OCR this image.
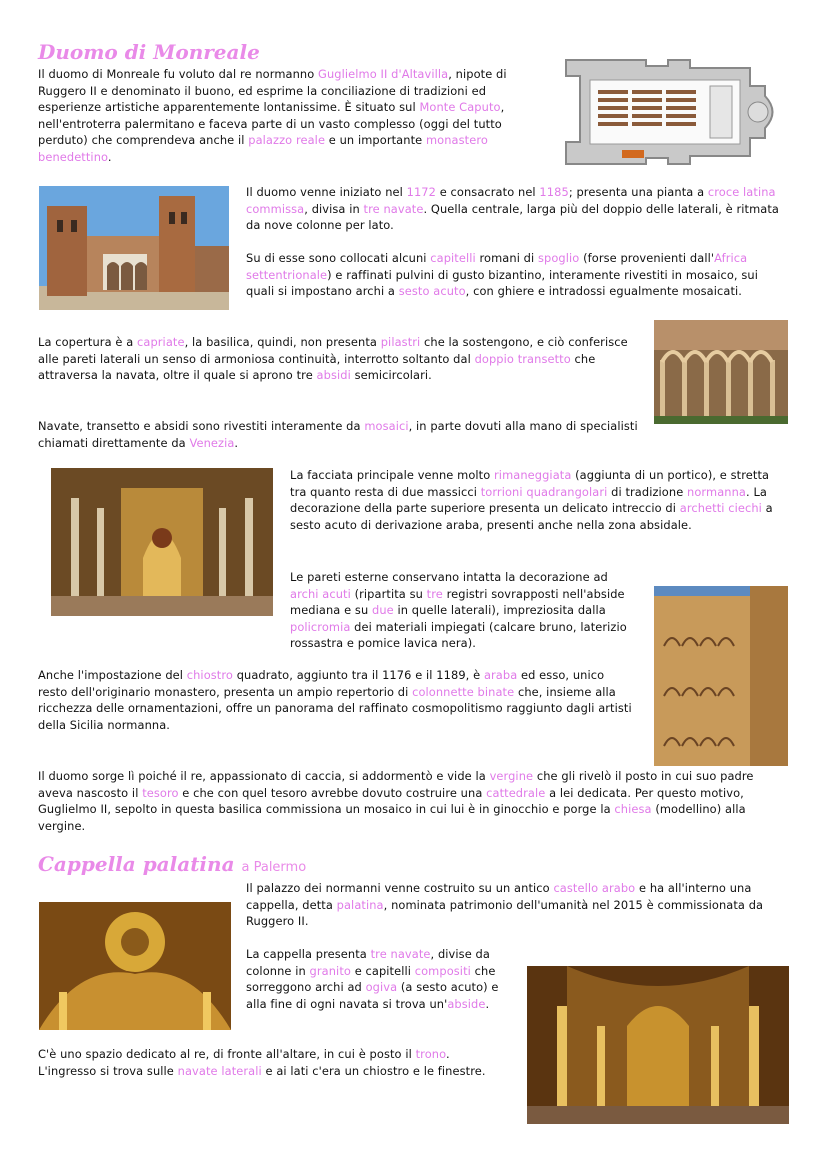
Duomo di Monreale
Il duomo di Monreale fu voluto dal re normanno Guglielmo II d'Altavilla, nipote di Ruggero II e denominato il buono, ed esprime la conciliazione di tradizioni ed esperienze artistiche apparentemente lontanissime. È situato sul Monte Caputo, nell'entroterra palermitano e faceva parte di un vasto complesso (oggi del tutto perduto) che comprendeva anche il palazzo reale e un importante monastero benedettino.
Il duomo venne iniziato nel 1172 e consacrato nel 1185; presenta una pianta a croce latina commissa, divisa in tre navate. Quella centrale, larga più del doppio delle laterali, è ritmata da nove colonne per lato.
Su di esse sono collocati alcuni capitelli romani di spoglio (forse provenienti dall'Africa settentrionale) e raffinati pulvini di gusto bizantino, interamente rivestiti in mosaico, sui quali si impostano archi a sesto acuto, con ghiere e intradossi egualmente mosaicati.
La copertura è a capriate, la basilica, quindi, non presenta pilastri che la sostengono, e ciò conferisce alle pareti laterali un senso di armoniosa continuità, interrotto soltanto dal doppio transetto che attraversa la navata, oltre il quale si aprono tre absidi semicircolari.
Navate, transetto e absidi sono rivestiti interamente da mosaici, in parte dovuti alla mano di specialisti chiamati direttamente da Venezia.
La facciata principale venne molto rimaneggiata (aggiunta di un portico), e stretta tra quanto resta di due massicci torrioni quadrangolari di tradizione normanna. La decorazione della parte superiore presenta un delicato intreccio di archetti ciechi a sesto acuto di derivazione araba, presenti anche nella zona absidale.
Le pareti esterne conservano intatta la decorazione ad archi acuti (ripartita su tre registri sovrapposti nell'abside mediana e su due in quelle laterali), impreziosita dalla policromia dei materiali impiegati (calcare bruno, laterizio rossastra e pomice lavica nera).
Anche l'impostazione del chiostro quadrato, aggiunto tra il 1176 e il 1189, è araba ed esso, unico resto dell'originario monastero, presenta un ampio repertorio di colonnette binate che, insieme alla ricchezza delle ornamentazioni, offre un panorama del raffinato cosmopolitismo raggiunto dagli artisti della Sicilia normanna.
Il duomo sorge lì poiché il re, appassionato di caccia, si addormentò e vide la vergine che gli rivelò il posto in cui suo padre aveva nascosto il tesoro e che con quel tesoro avrebbe dovuto costruire una cattedrale a lei dedicata. Per questo motivo, Guglielmo II, sepolto in questa basilica commissiona un mosaico in cui lui è in ginocchio e porge la chiesa (modellino) alla vergine.
Cappella palatina a Palermo
Il palazzo dei normanni venne costruito su un antico castello arabo e ha all'interno una cappella, detta palatina, nominata patrimonio dell'umanità nel 2015 è commissionata da Ruggero II.
La cappella presenta tre navate, divise da colonne in granito e capitelli compositi che sorreggono archi ad ogiva (a sesto acuto) e alla fine di ogni navata si trova un'abside.
C'è uno spazio dedicato al re, di fronte all'altare, in cui è posto il trono. L'ingresso si trova sulle navate laterali e ai lati c'era un chiostro e le finestre.
